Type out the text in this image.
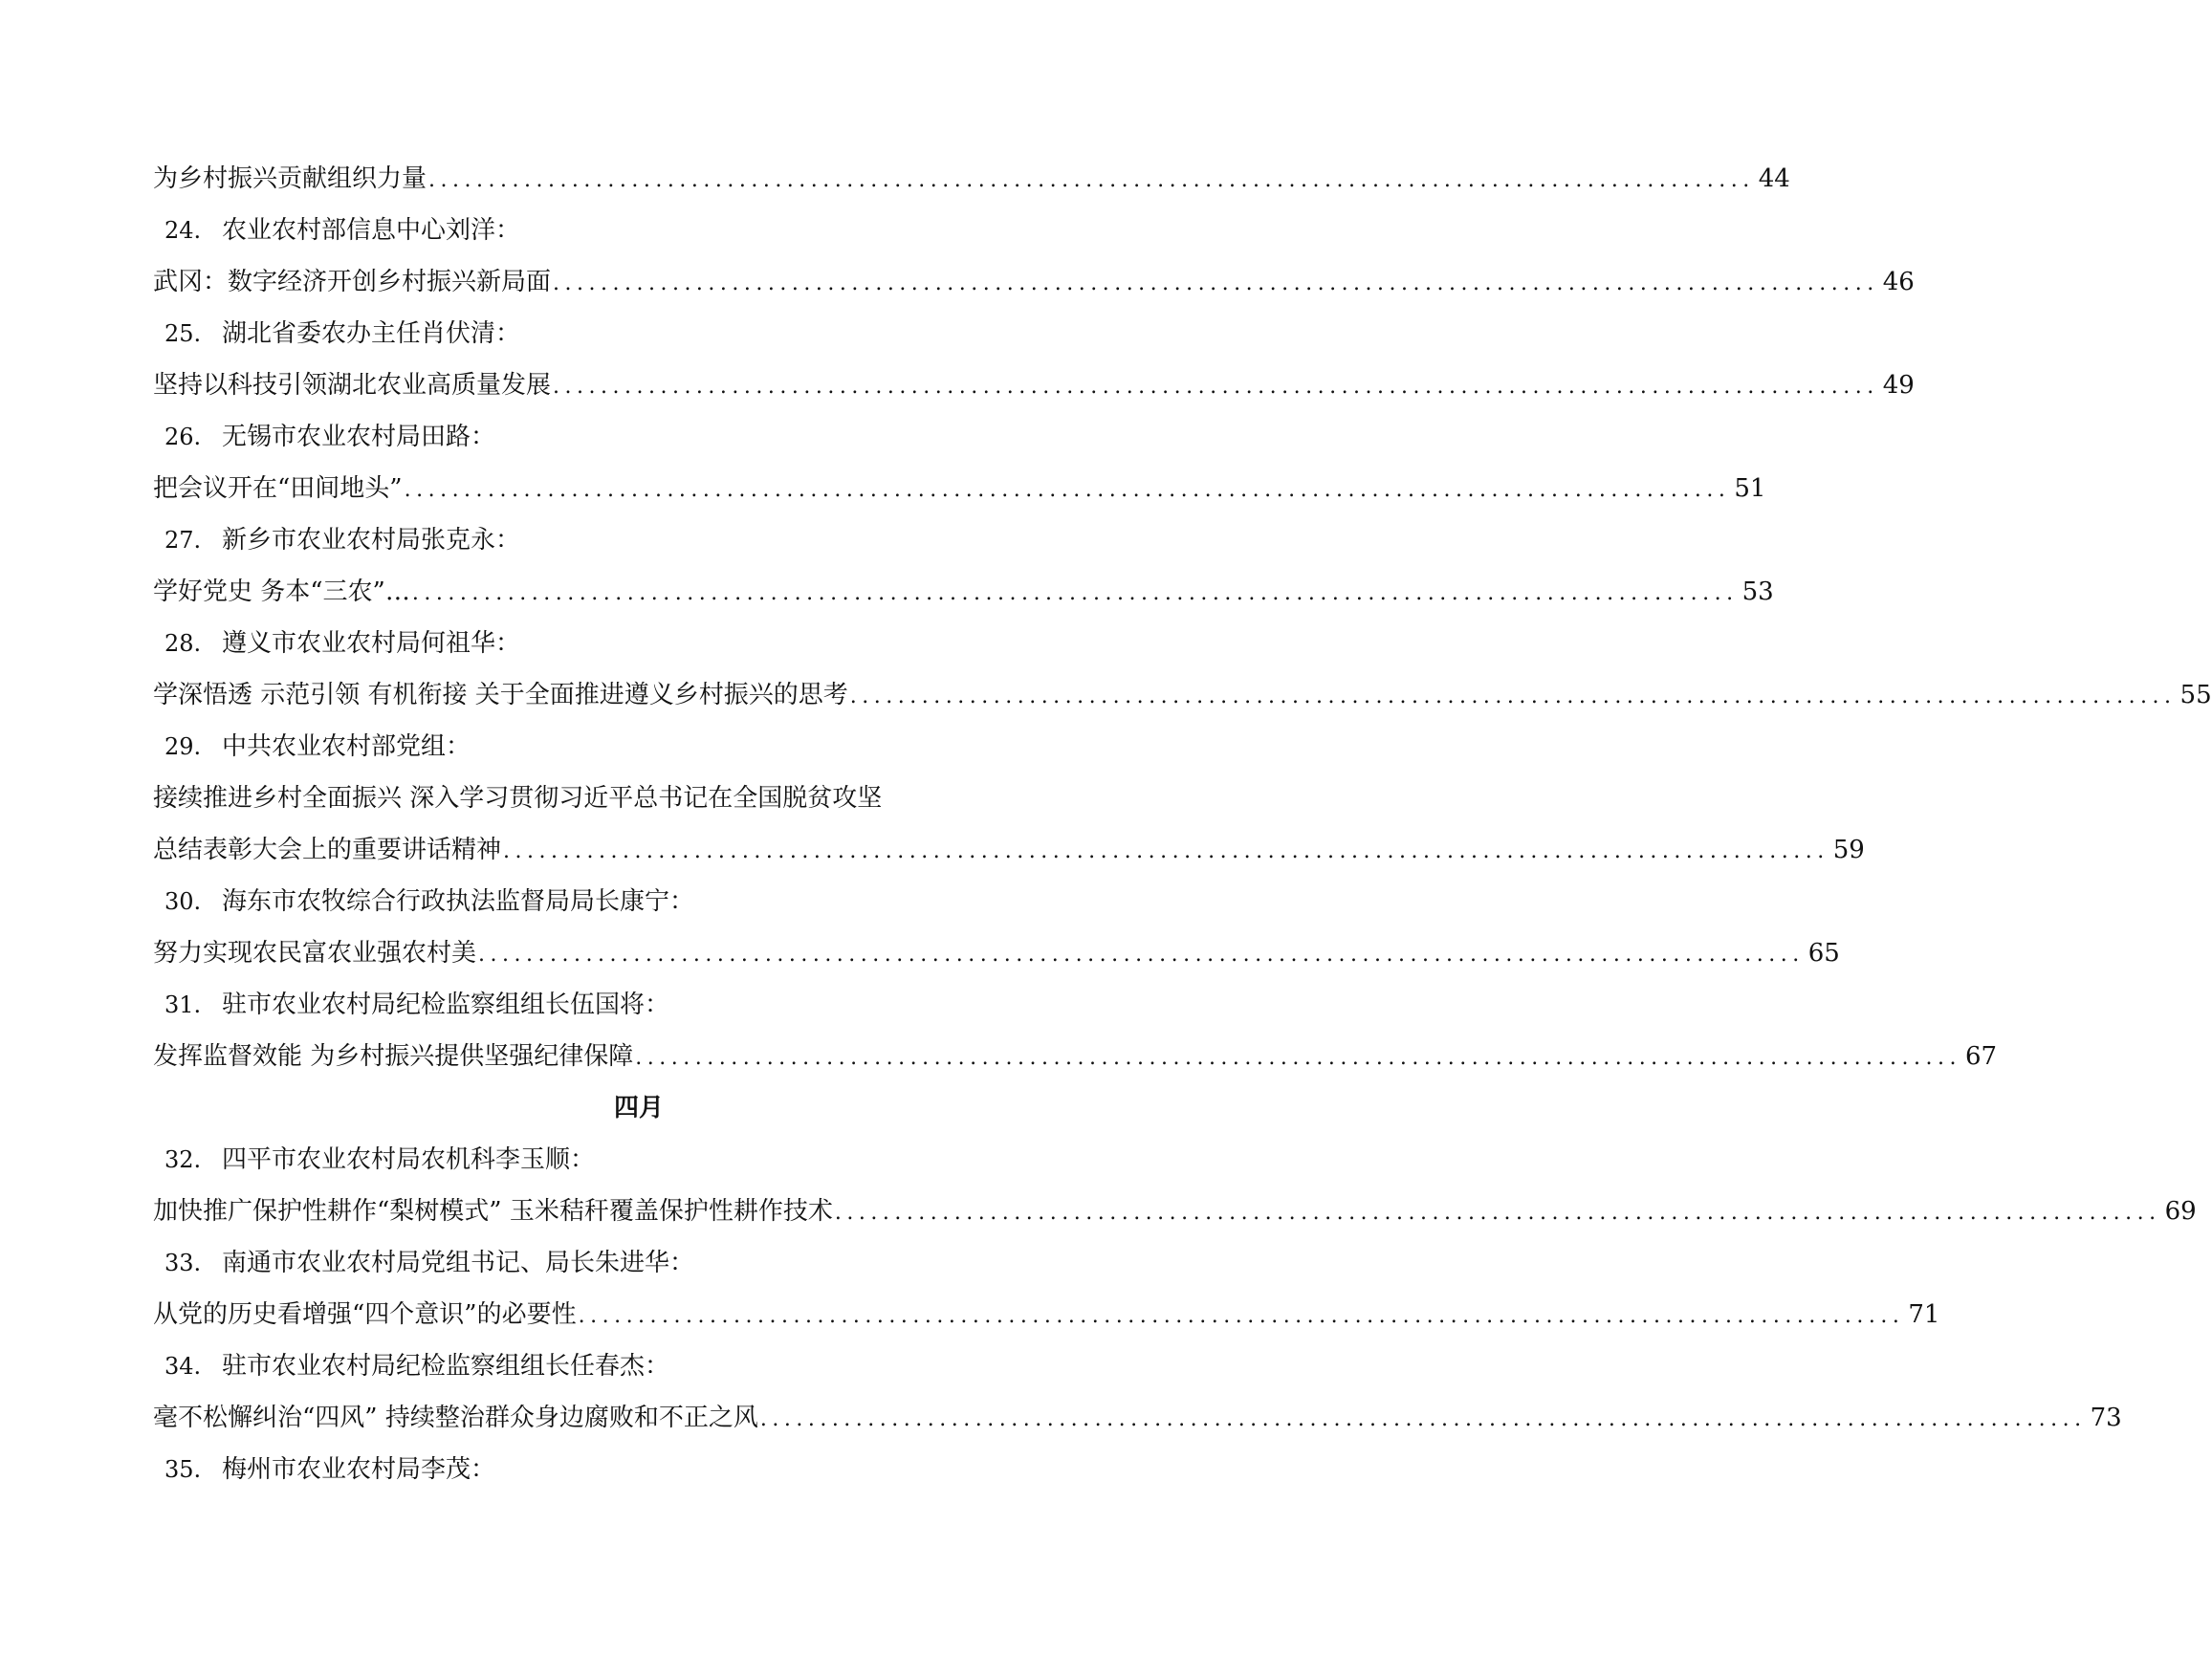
为乡村振兴贡献组织力量 ............................................................................................................... 44
24. 农业农村部信息中心刘洋：
武冈：数字经济开创乡村振兴新局面 ............................................................................................................... 46
25. 湖北省委农办主任肖伏清：
坚持以科技引领湖北农业高质量发展 ............................................................................................................... 49
26. 无锡市农业农村局田路：
把会议开在“田间地头” ............................................................................................................... 51
27. 新乡市农业农村局张克永：
学好党史 务本“三农”… ............................................................................................................... 53
28. 遵义市农业农村局何祖华：
学深悟透 示范引领 有机衔接 关于全面推进遵义乡村振兴的思考 ............................................................................................................... 55
29. 中共农业农村部党组：
接续推进乡村全面振兴 深入学习贯彻习近平总书记在全国脱贫攻坚
总结表彰大会上的重要讲话精神 ............................................................................................................... 59
30. 海东市农牧综合行政执法监督局局长康宁：
努力实现农民富农业强农村美 ............................................................................................................... 65
31. 驻市农业农村局纪检监察组组长伍国将：
发挥监督效能 为乡村振兴提供坚强纪律保障 ............................................................................................................... 67
四月
32. 四平市农业农村局农机科李玉顺：
加快推广保护性耕作“梨树模式” 玉米秸秆覆盖保护性耕作技术 ............................................................................................................... 69
33. 南通市农业农村局党组书记、局长朱进华：
从党的历史看增强“四个意识”的必要性 ............................................................................................................... 71
34. 驻市农业农村局纪检监察组组长任春杰：
毫不松懈纠治“四风” 持续整治群众身边腐败和不正之风 ............................................................................................................... 73
35. 梅州市农业农村局李茂：
